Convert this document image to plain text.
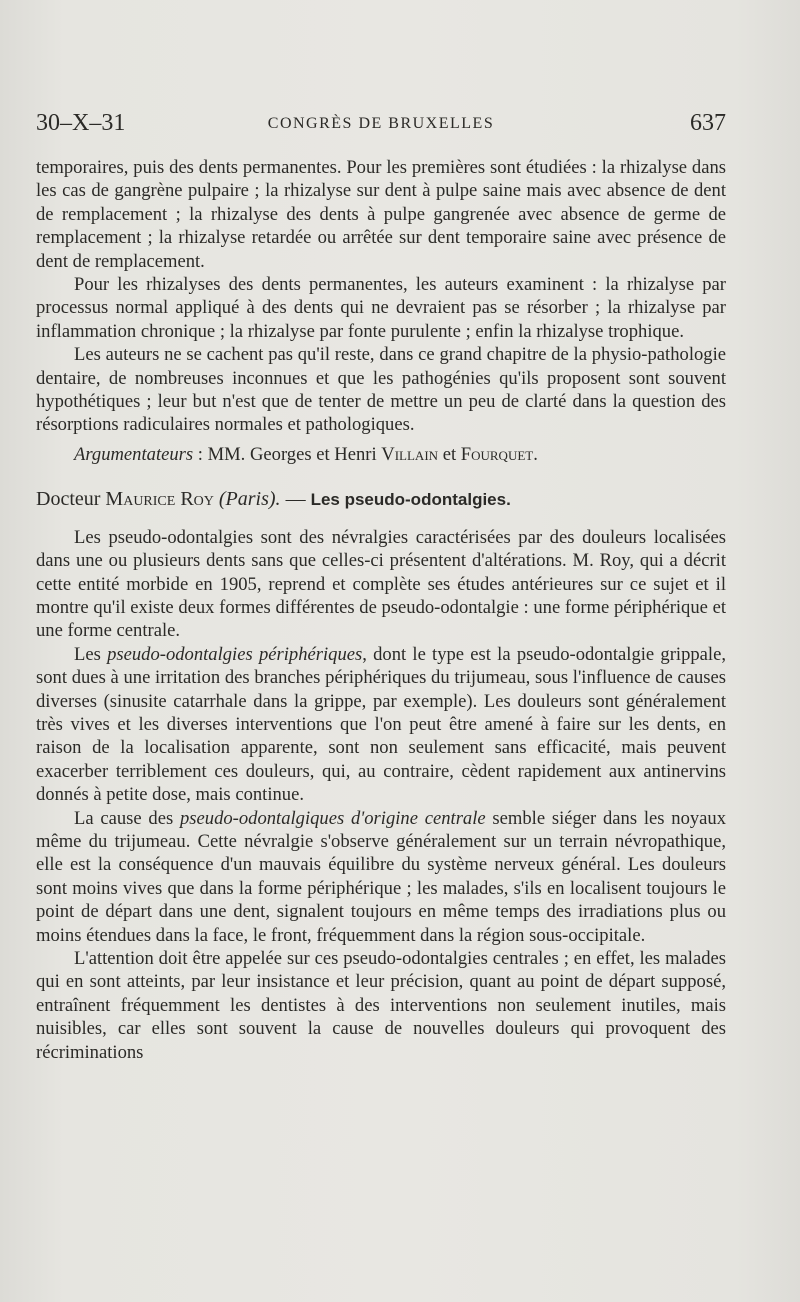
30–X–31	CONGRÈS DE BRUXELLES	637

temporaires, puis des dents permanentes. Pour les premières sont étudiées : la rhizalyse dans les cas de gangrène pulpaire ; la rhizalyse sur dent à pulpe saine mais avec absence de dent de remplacement ; la rhizalyse des dents à pulpe gangrenée avec absence de germe de remplacement ; la rhizalyse retardée ou arrêtée sur dent temporaire saine avec présence de dent de remplacement.

Pour les rhizalyses des dents permanentes, les auteurs examinent : la rhizalyse par processus normal appliqué à des dents qui ne devraient pas se résorber ; la rhizalyse par inflammation chronique ; la rhizalyse par fonte purulente ; enfin la rhizalyse trophique.

Les auteurs ne se cachent pas qu'il reste, dans ce grand chapitre de la physio-pathologie dentaire, de nombreuses inconnues et que les pathogénies qu'ils proposent sont souvent hypothétiques ; leur but n'est que de tenter de mettre un peu de clarté dans la question des résorptions radiculaires normales et pathologiques.

Argumentateurs : MM. Georges et Henri Villain et Fourquet.

Docteur Maurice Roy (Paris). — Les pseudo-odontalgies.

Les pseudo-odontalgies sont des névralgies caractérisées par des douleurs localisées dans une ou plusieurs dents sans que celles-ci présentent d'altérations. M. Roy, qui a décrit cette entité morbide en 1905, reprend et complète ses études antérieures sur ce sujet et il montre qu'il existe deux formes différentes de pseudo-odontalgie : une forme périphérique et une forme centrale.

Les pseudo-odontalgies périphériques, dont le type est la pseudo-odontalgie grippale, sont dues à une irritation des branches périphériques du trijumeau, sous l'influence de causes diverses (sinusite catarrhale dans la grippe, par exemple). Les douleurs sont généralement très vives et les diverses interventions que l'on peut être amené à faire sur les dents, en raison de la localisation apparente, sont non seulement sans efficacité, mais peuvent exacerber terriblement ces douleurs, qui, au contraire, cèdent rapidement aux antinervins donnés à petite dose, mais continue.

La cause des pseudo-odontalgiques d'origine centrale semble siéger dans les noyaux même du trijumeau. Cette névralgie s'observe généralement sur un terrain névropathique, elle est la conséquence d'un mauvais équilibre du système nerveux général. Les douleurs sont moins vives que dans la forme périphérique ; les malades, s'ils en localisent toujours le point de départ dans une dent, signalent toujours en même temps des irradiations plus ou moins étendues dans la face, le front, fréquemment dans la région sous-occipitale.

L'attention doit être appelée sur ces pseudo-odontalgies centrales ; en effet, les malades qui en sont atteints, par leur insistance et leur précision, quant au point de départ supposé, entraînent fréquemment les dentistes à des interventions non seulement inutiles, mais nuisibles, car elles sont souvent la cause de nouvelles douleurs qui provoquent des récriminations
